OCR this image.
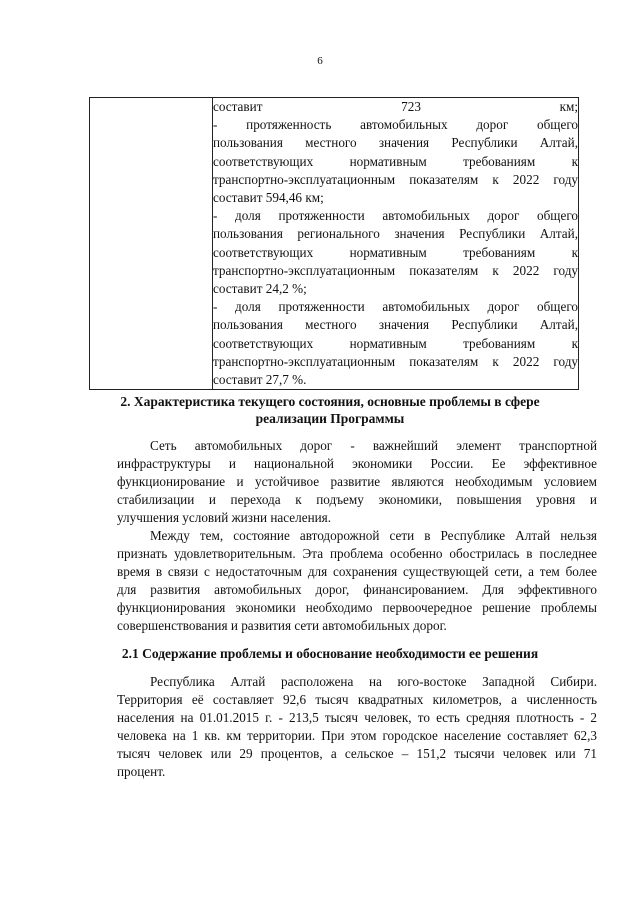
6

составит 723 км;
- протяженность автомобильных дорог общего
пользования местного значения Республики Алтай,
соответствующих нормативным требованиям к
транспортно-эксплуатационным показателям к 2022 году
составит 594,46 км;
- доля протяженности автомобильных дорог общего
пользования регионального значения Республики Алтай,
соответствующих нормативным требованиям к
транспортно-эксплуатационным показателям к 2022 году
составит 24,2 %;
- доля протяженности автомобильных дорог общего
пользования местного значения Республики Алтай,
соответствующих нормативным требованиям к
транспортно-эксплуатационным показателям к 2022 году
составит 27,7 %.
2. Характеристика текущего состояния, основные проблемы в сфере
реализации Программы
Сеть автомобильных дорог - важнейший элемент транспортной
инфраструктуры и национальной экономики России. Ее эффективное
функционирование и устойчивое развитие являются необходимым условием
стабилизации и перехода к подъему экономики, повышения уровня и
улучшения условий жизни населения.
Между тем, состояние автодорожной сети в Республике Алтай нельзя
признать удовлетворительным. Эта проблема особенно обострилась в последнее
время в связи с недостаточным для сохранения существующей сети, а тем более
для развития автомобильных дорог, финансированием. Для эффективного
функционирования экономики необходимо первоочередное решение проблемы
совершенствования и развития сети автомобильных дорог.
2.1 Содержание проблемы и обоснование необходимости ее решения
Республика Алтай расположена на юго-востоке Западной Сибири.
Территория её составляет 92,6 тысяч квадратных километров, а численность
населения на 01.01.2015 г. - 213,5 тысяч человек, то есть средняя плотность - 2
человека на 1 кв. км территории. При этом городское население составляет 62,3
тысяч человек или 29 процентов, а сельское – 151,2 тысячи человек или 71
процент.
